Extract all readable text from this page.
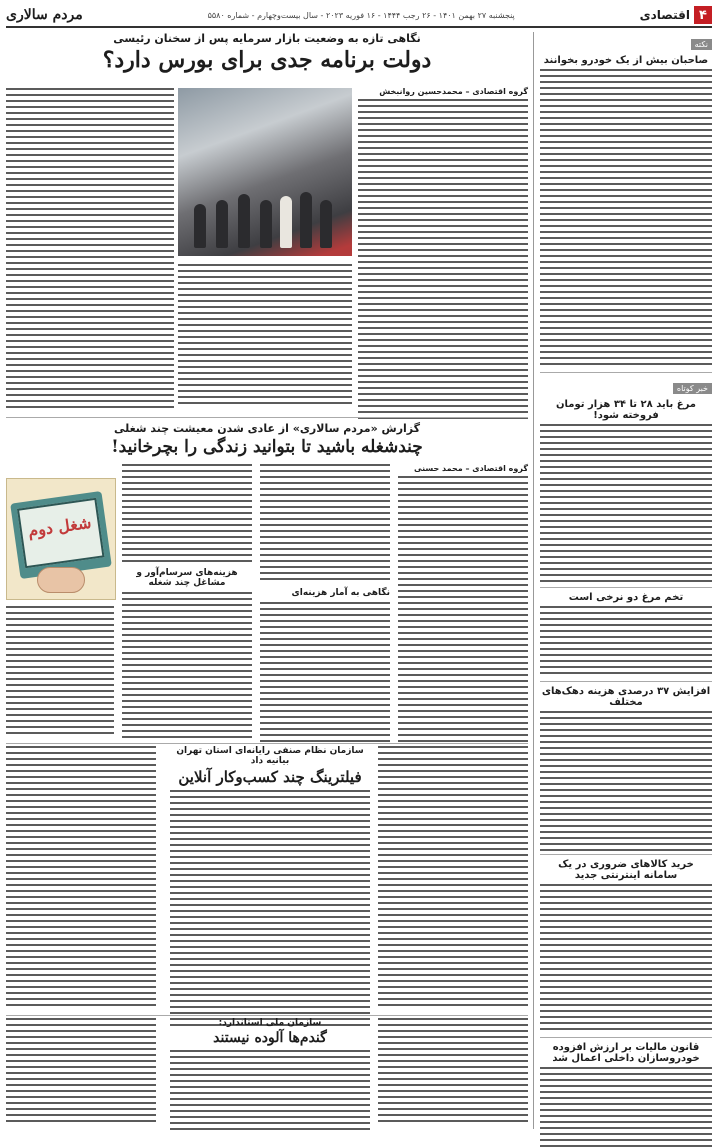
۴
اقتصادی
پنجشنبه ۲۷ بهمن ۱۴۰۱ - ۲۶ رجب ۱۴۴۴ - ۱۶ فوریه ۲۰۲۳ - سال بیست‌وچهارم - شماره ۵۵۸۰
مردم سالاری
نکته
صاحبان بیش از یک خودرو بخوانند
خبر کوتاه
مرغ باید ۲۸ تا ۳۴ هزار تومان فروخته شود!
تخم مرغ دو نرخی است
افزایش ۳۷ درصدی هزینه دهک‌های مختلف
خرید کالاهای ضروری در یک سامانه اینترنتی جدید
قانون مالیات بر ارزش افزوده خودروسازان داخلی اعمال شد
نگاهی تازه به وضعیت بازار سرمایه پس از سخنان رئیسی
دولت برنامه جدی برای بورس دارد؟
گروه اقتصادی – محمدحسین روانبخش
گزارش «مردم سالاری» از عادی شدن معیشت چند شغلی
چندشغله باشید تا بتوانید زندگی را بچرخانید!
گروه اقتصادی – محمد حسنی
نگاهی به آمار هزینه‌ای
هزینه‌های سرسام‌آور و مشاغل چند شغله
شغل دوم
سازمان نظام صنفی رایانه‌ای استان تهران بیانیه داد
فیلترینگ چند کسب‌وکار آنلاین
سازمان ملی استاندارد:
گندم‌ها آلوده نیستند
